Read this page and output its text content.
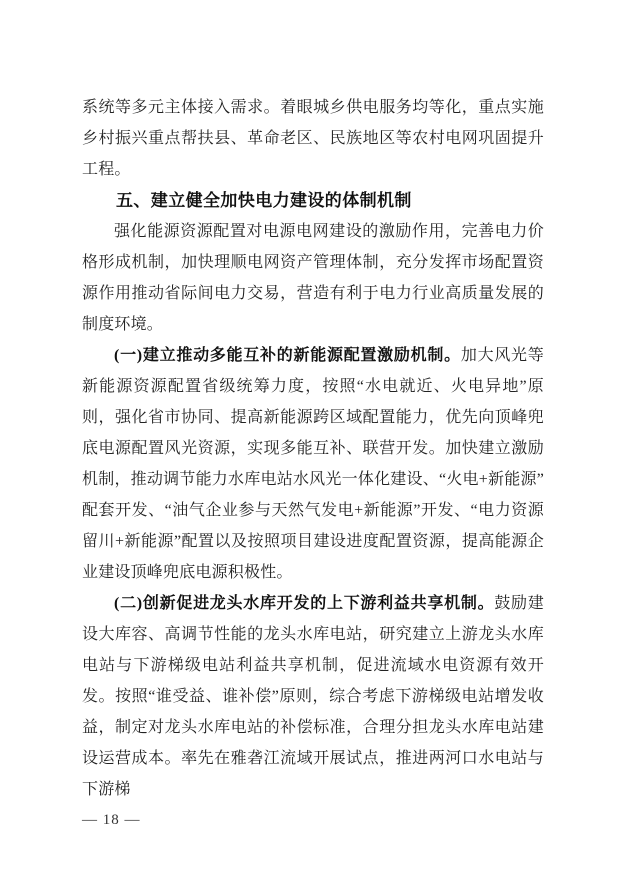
系统等多元主体接入需求。着眼城乡供电服务均等化，重点实施乡村振兴重点帮扶县、革命老区、民族地区等农村电网巩固提升工程。

五、建立健全加快电力建设的体制机制

强化能源资源配置对电源电网建设的激励作用，完善电力价格形成机制，加快理顺电网资产管理体制，充分发挥市场配置资源作用推动省际间电力交易，营造有利于电力行业高质量发展的制度环境。

(一)建立推动多能互补的新能源配置激励机制。加大风光等新能源资源配置省级统筹力度，按照“水电就近、火电异地”原则，强化省市协同、提高新能源跨区域配置能力，优先向顶峰兜底电源配置风光资源，实现多能互补、联营开发。加快建立激励机制，推动调节能力水库电站水风光一体化建设、“火电+新能源”配套开发、“油气企业参与天然气发电+新能源”开发、“电力资源留川+新能源”配置以及按照项目建设进度配置资源，提高能源企业建设顶峰兜底电源积极性。

(二)创新促进龙头水库开发的上下游利益共享机制。鼓励建设大库容、高调节性能的龙头水库电站，研究建立上游龙头水库电站与下游梯级电站利益共享机制，促进流域水电资源有效开发。按照“谁受益、谁补偿”原则，综合考虑下游梯级电站增发收益，制定对龙头水库电站的补偿标准，合理分担龙头水库电站建设运营成本。率先在雅砻江流域开展试点，推进两河口水电站与下游梯

— 18 —
